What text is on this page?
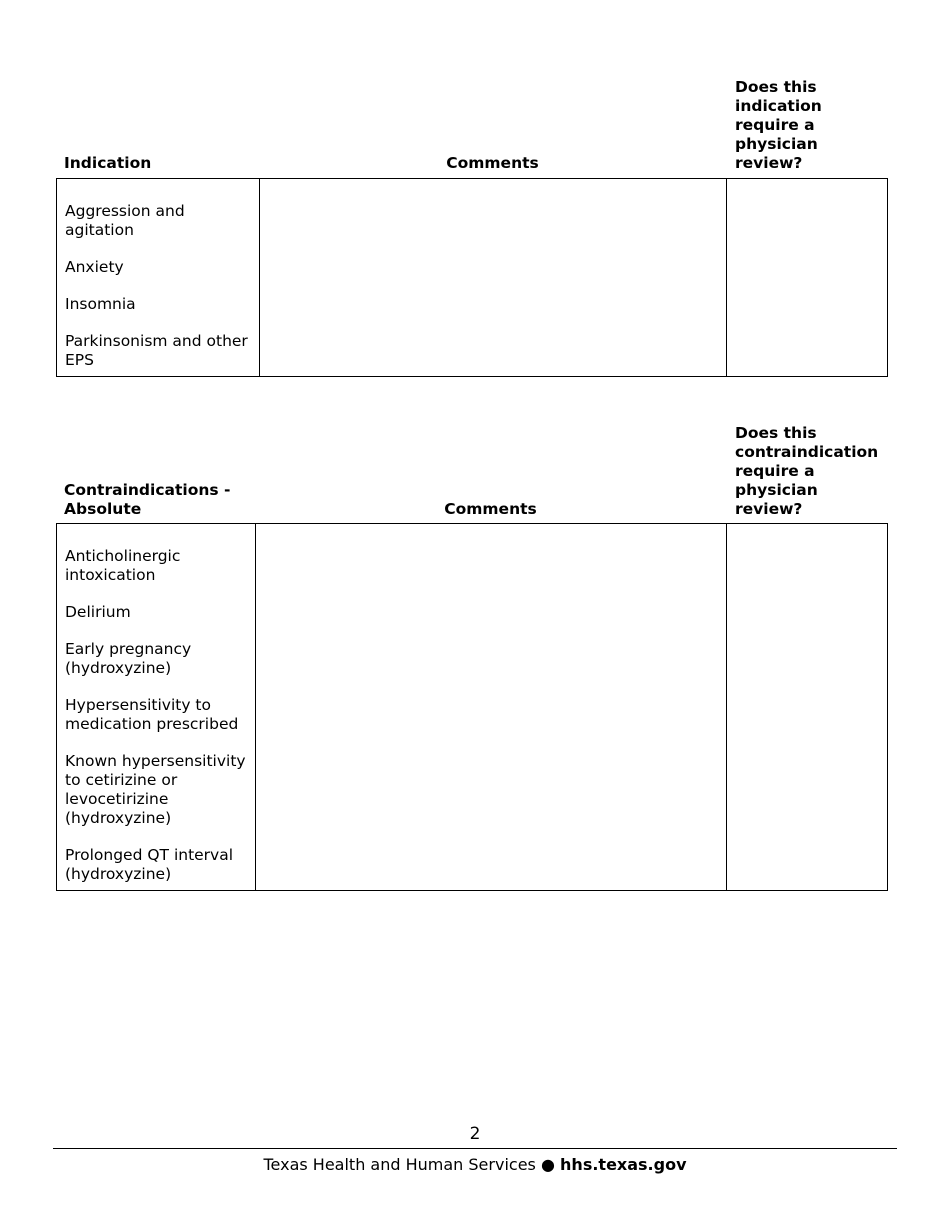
Indication	Comments
Does this indication require a physician review?
Aggression and agitation
Anxiety
Insomnia
Parkinsonism and other EPS
Contraindications - Absolute	Comments
Does this contraindication require a physician review?
Anticholinergic intoxication
Delirium
Early pregnancy (hydroxyzine)
Hypersensitivity to medication prescribed
Known hypersensitivity to cetirizine or levocetirizine (hydroxyzine)
Prolonged QT interval (hydroxyzine)
2
Texas Health and Human Services ● hhs.texas.gov
